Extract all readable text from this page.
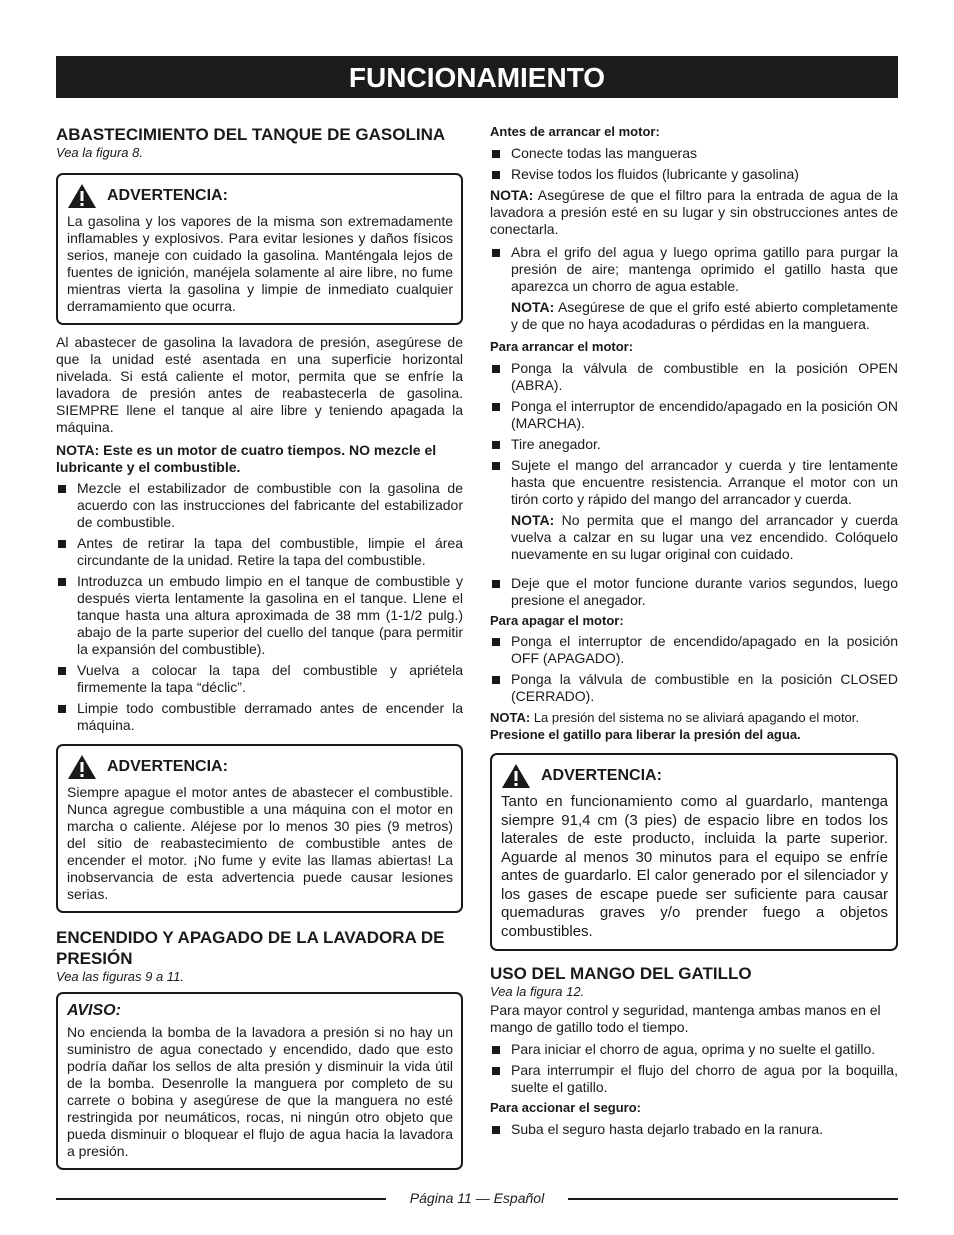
FUNCIONAMIENTO
ABASTECIMIENTO DEL TANQUE DE GASOLINA

Vea la figura 8.

ADVERTENCIA:

La gasolina y los vapores de la misma son extremadamente inflamables y explosivos. Para evitar lesiones y daños físicos serios, maneje con cuidado la gasolina. Manténgala lejos de fuentes de ignición, manéjela solamente al aire libre, no fume mientras vierta la gasolina y limpie de inmediato cualquier derramamiento que ocurra.

Al abastecer de gasolina la lavadora de presión, asegúrese de que la unidad esté asentada en una superficie horizontal nivelada. Si está caliente el motor, permita que se enfríe la lavadora de presión antes de reabastecerla de gasolina. SIEMPRE llene el tanque al aire libre y teniendo apagada la máquina.

NOTA: Este es un motor de cuatro tiempos. NO mezcle el lubricante y el combustible.

Mezcle el estabilizador de combustible con la gasolina de acuerdo con las instrucciones del fabricante del estabilizador de combustible.
Antes de retirar la tapa del combustible, limpie el área circundante de la unidad. Retire la tapa del combustible.
Introduzca un embudo limpio en el tanque de combustible y después vierta lentamente la gasolina en el tanque. Llene el tanque hasta una altura aproximada de 38 mm (1-1/2 pulg.) abajo de la parte superior del cuello del tanque (para permitir la expansión del combustible).
Vuelva a colocar la tapa del combustible y apriétela firmemente la tapa “déclic”.
Limpie todo combustible derramado antes de encender la máquina.
ADVERTENCIA:

Siempre apague el motor antes de abastecer el combustible. Nunca agregue combustible a una máquina con el motor en marcha o caliente. Aléjese por lo menos 30 pies (9 metros) del sitio de reabastecimiento de combustible antes de encender el motor. ¡No fume y evite las llamas abiertas! La inobservancia de esta advertencia puede causar lesiones serias.

ENCENDIDO Y APAGADO DE LA LAVADORA DE PRESIÓN

Vea las figuras 9 a 11.

AVISO:

No encienda la bomba de la lavadora a presión si no hay un suministro de agua conectado y encendido, dado que esto podría dañar los sellos de alta presión y disminuir la vida útil de la bomba. Desenrolle la manguera por completo de su carrete o bobina y asegúrese de que la manguera no esté restringida por neumáticos, rocas, ni ningún otro objeto que pueda disminuir o bloquear el flujo de agua hacia la lavadora a presión.

Antes de arrancar el motor:

Conecte todas las mangueras
Revise todos los fluidos (lubricante y gasolina)

NOTA: Asegúrese de que el filtro para la entrada de agua de la lavadora a presión esté en su lugar y sin obstrucciones antes de conectarla.

Abra el grifo del agua y luego oprima gatillo para purgar la presión de aire; mantenga oprimido el gatillo hasta que aparezca un chorro de agua estable.

NOTA: Asegúrese de que el grifo esté abierto completamente y de que no haya acodaduras o pérdidas en la manguera.

Para arrancar el motor:

Ponga la válvula de combustible en la posición OPEN (ABRA).
Ponga el interruptor de encendido/apagado en la posición ON (MARCHA).
Tire anegador.
Sujete el mango del arrancador y cuerda y tire lentamente hasta que encuentre resistencia. Arranque el motor con un tirón corto y rápido del mango del arrancador y cuerda.

NOTA: No permita que el mango del arrancador y cuerda vuelva a calzar en su lugar una vez encendido. Colóquelo nuevamente en su lugar original con cuidado.

Deje que el motor funcione durante varios segundos, luego presione el anegador.

Para apagar el motor:

Ponga el interruptor de encendido/apagado en la posición OFF (APAGADO).
Ponga la válvula de combustible en la posición CLOSED (CERRADO).

NOTA: La presión del sistema no se aliviará apagando el motor.
Presione el gatillo para liberar la presión del agua.

ADVERTENCIA:

Tanto en funcionamiento como al guardarlo, mantenga siempre 91,4 cm (3 pies) de espacio libre en todos los laterales de este producto, incluida la parte superior. Aguarde al menos 30 minutos para el equipo se enfríe antes de guardarlo. El calor generado por el silenciador y los gases de escape puede ser suficiente para causar quemaduras graves y/o prender fuego a objetos combustibles.

USO DEL MANGO DEL GATILLO

Vea la figura 12.

Para mayor control y seguridad, mantenga ambas manos en el mango de gatillo todo el tiempo.

Para iniciar el chorro de agua, oprima y no suelte el gatillo.
Para interrumpir el flujo del chorro de agua por la boquilla, suelte el gatillo.

Para accionar el seguro:

Suba el seguro hasta dejarlo trabado en la ranura.
Página 11 — Español
